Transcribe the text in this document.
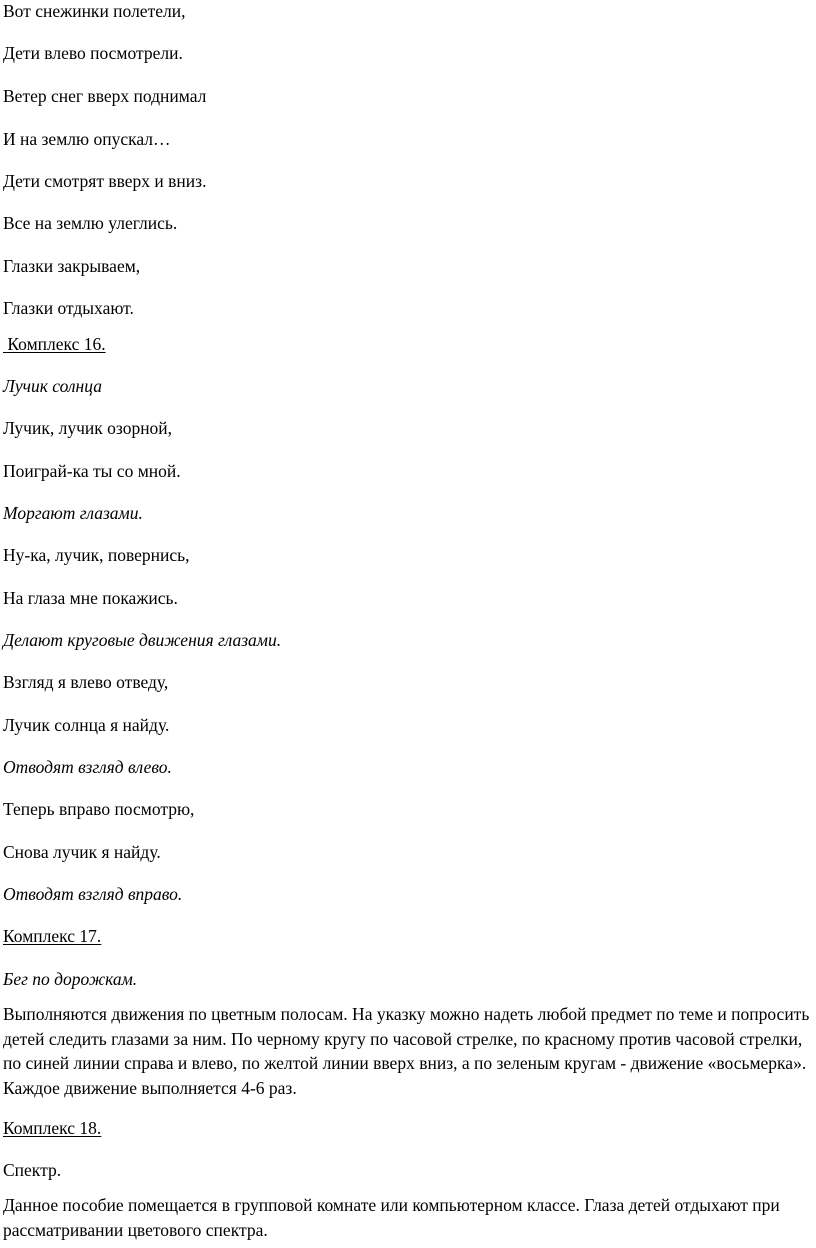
Вот снежинки полетели,

Дети влево посмотрели.

Ветер снег вверх поднимал

И на землю опускал…

Дети смотрят вверх и вниз.

Все на землю улеглись.

Глазки закрываем,

Глазки отдыхают.

Комплекс 16.

Лучик солнца

Лучик, лучик озорной,

Поиграй-ка ты со мной.

Моргают глазами.

Ну-ка, лучик, повернись,

На глаза мне покажись.

Делают круговые движения глазами.

Взгляд я влево отведу,

Лучик солнца я найду.

Отводят взгляд влево.

Теперь вправо посмотрю,

Снова лучик я найду.

Отводят взгляд вправо.

Комплекс 17.

Бег по дорожкам.

Выполняются движения по цветным полосам. На указку можно надеть любой предмет по теме и попросить детей следить глазами за ним. По черному кругу по часовой стрелке, по красному против часовой стрелки, по синей линии справа и влево, по желтой линии вверх вниз, а по зеленым кругам - движение «восьмерка». Каждое движение выполняется 4-6 раз.

Комплекс 18.

Спектр.

Данное пособие помещается в групповой комнате или компьютерном классе. Глаза детей отдыхают при рассматривании цветового спектра.
